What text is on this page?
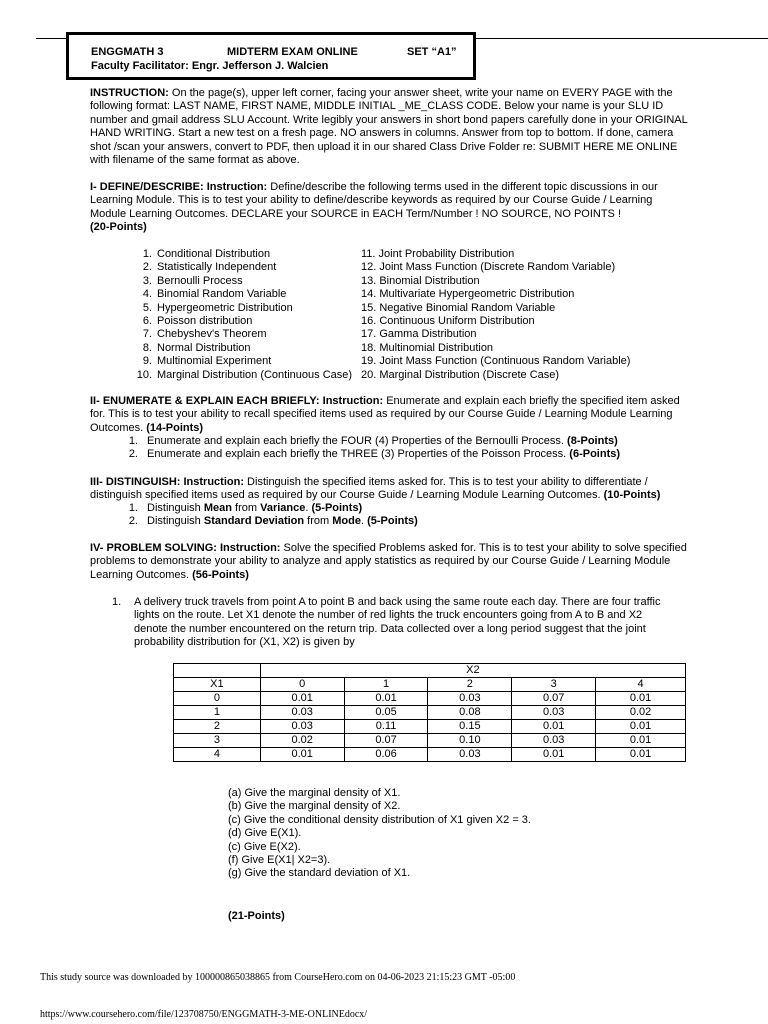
ENGGMATH 3	MIDTERM EXAM ONLINE	SET “A1”
Faculty Facilitator: Engr. Jefferson J. Walcien
INSTRUCTION: On the page(s), upper left corner, facing your answer sheet, write your name on EVERY PAGE with the following format: LAST NAME, FIRST NAME, MIDDLE INITIAL _ME_CLASS CODE. Below your name is your SLU ID number and gmail address SLU Account. Write legibly your answers in short bond papers carefully done in your ORIGINAL HAND WRITING. Start a new test on a fresh page. NO answers in columns. Answer from top to bottom. If done, camera shot /scan your answers, convert to PDF, then upload it in our shared Class Drive Folder re: SUBMIT HERE ME ONLINE with filename of the same format as above.
I- DEFINE/DESCRIBE: Instruction: Define/describe the following terms used in the different topic discussions in our Learning Module. This is to test your ability to define/describe keywords as required by our Course Guide / Learning Module Learning Outcomes. DECLARE your SOURCE in EACH Term/Number ! NO SOURCE, NO POINTS !
(20-Points)
1. Conditional Distribution
2. Statistically Independent
3. Bernoulli Process
4. Binomial Random Variable
5. Hypergeometric Distribution
6. Poisson distribution
7. Chebyshev's Theorem
8. Normal Distribution
9. Multinomial Experiment
10. Marginal Distribution (Continuous Case)
11. Joint Probability Distribution
12. Joint Mass Function (Discrete Random Variable)
13. Binomial Distribution
14. Multivariate Hypergeometric Distribution
15. Negative Binomial Random Variable
16. Continuous Uniform Distribution
17. Gamma Distribution
18. Multinomial Distribution
19. Joint Mass Function (Continuous Random Variable)
20. Marginal Distribution (Discrete Case)
II- ENUMERATE & EXPLAIN EACH BRIEFLY: Instruction: Enumerate and explain each briefly the specified item asked for. This is to test your ability to recall specified items used as required by our Course Guide / Learning Module Learning Outcomes. (14-Points)
1. Enumerate and explain each briefly the FOUR (4) Properties of the Bernoulli Process. (8-Points)
2. Enumerate and explain each briefly the THREE (3) Properties of the Poisson Process. (6-Points)
III- DISTINGUISH: Instruction: Distinguish the specified items asked for. This is to test your ability to differentiate / distinguish specified items used as required by our Course Guide / Learning Module Learning Outcomes. (10-Points)
1. Distinguish Mean from Variance. (5-Points)
2. Distinguish Standard Deviation from Mode. (5-Points)
IV- PROBLEM SOLVING: Instruction: Solve the specified Problems asked for. This is to test your ability to solve specified problems to demonstrate your ability to analyze and apply statistics as required by our Course Guide / Learning Module Learning Outcomes. (56-Points)
1. A delivery truck travels from point A to point B and back using the same route each day. There are four traffic
lights on the route. Let X1 denote the number of red lights the truck encounters going from A to B and X2
denote the number encountered on the return trip. Data collected over a long period suggest that the joint
probability distribution for (X1, X2) is given by
	X2				
X1	0	1	2	3	4
0	0.01	0.01	0.03	0.07	0.01
1	0.03	0.05	0.08	0.03	0.02
2	0.03	0.11	0.15	0.01	0.01
3	0.02	0.07	0.10	0.03	0.01
4	0.01	0.06	0.03	0.01	0.01
(a) Give the marginal density of X1.
(b) Give the marginal density of X2.
(c) Give the conditional density distribution of X1 given X2 = 3.
(d) Give E(X1).
(c) Give E(X2).
(f) Give E(X1| X2=3).
(g) Give the standard deviation of X1.
(21-Points)
This study source was downloaded by 100000865038865 from CourseHero.com on 04-06-2023 21:15:23 GMT -05:00
https://www.coursehero.com/file/123708750/ENGGMATH-3-ME-ONLINEdocx/
